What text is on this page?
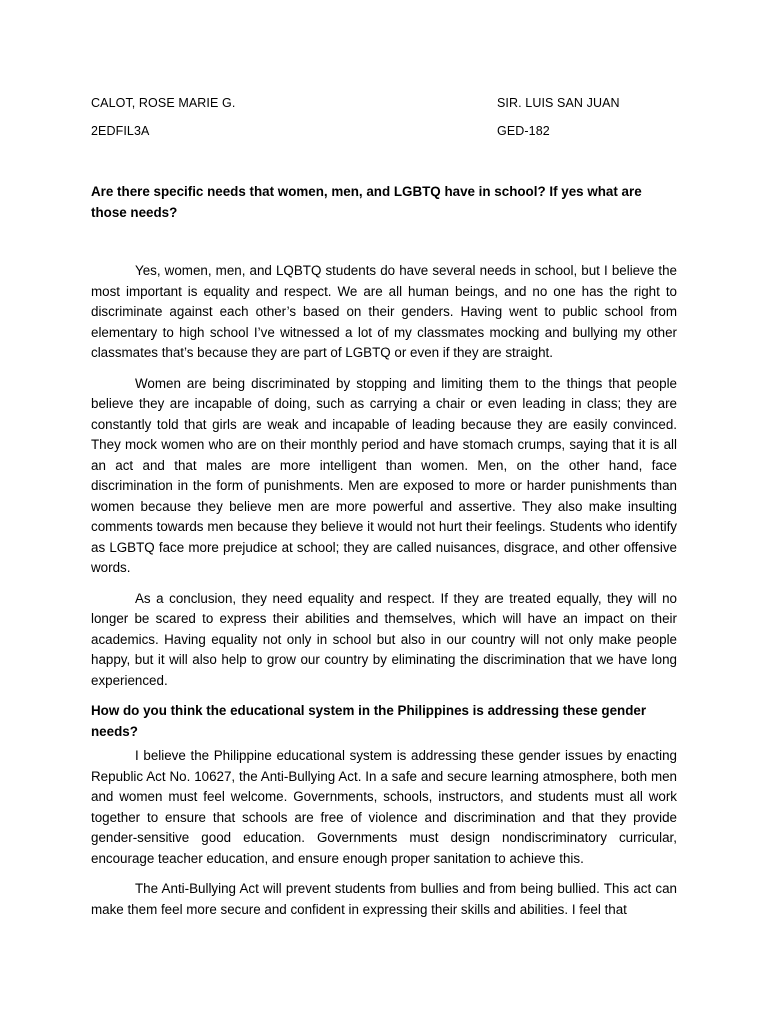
CALOT, ROSE MARIE G.
2EDFIL3A
SIR. LUIS SAN JUAN
GED-182

Are there specific needs that women, men, and LGBTQ have in school? If yes what are those needs?

Yes, women, men, and LQBTQ students do have several needs in school, but I believe the most important is equality and respect. We are all human beings, and no one has the right to discriminate against each other’s based on their genders. Having went to public school from elementary to high school I’ve witnessed a lot of my classmates mocking and bullying my other classmates that’s because they are part of LGBTQ or even if they are straight.

Women are being discriminated by stopping and limiting them to the things that people believe they are incapable of doing, such as carrying a chair or even leading in class; they are constantly told that girls are weak and incapable of leading because they are easily convinced. They mock women who are on their monthly period and have stomach crumps, saying that it is all an act and that males are more intelligent than women. Men, on the other hand, face discrimination in the form of punishments. Men are exposed to more or harder punishments than women because they believe men are more powerful and assertive. They also make insulting comments towards men because they believe it would not hurt their feelings. Students who identify as LGBTQ face more prejudice at school; they are called nuisances, disgrace, and other offensive words.

As a conclusion, they need equality and respect. If they are treated equally, they will no longer be scared to express their abilities and themselves, which will have an impact on their academics. Having equality not only in school but also in our country will not only make people happy, but it will also help to grow our country by eliminating the discrimination that we have long experienced.

How do you think the educational system in the Philippines is addressing these gender needs?

I believe the Philippine educational system is addressing these gender issues by enacting Republic Act No. 10627, the Anti-Bullying Act. In a safe and secure learning atmosphere, both men and women must feel welcome. Governments, schools, instructors, and students must all work together to ensure that schools are free of violence and discrimination and that they provide gender-sensitive good education. Governments must design nondiscriminatory curricular, encourage teacher education, and ensure enough proper sanitation to achieve this.

The Anti-Bullying Act will prevent students from bullies and from being bullied. This act can make them feel more secure and confident in expressing their skills and abilities. I feel that
